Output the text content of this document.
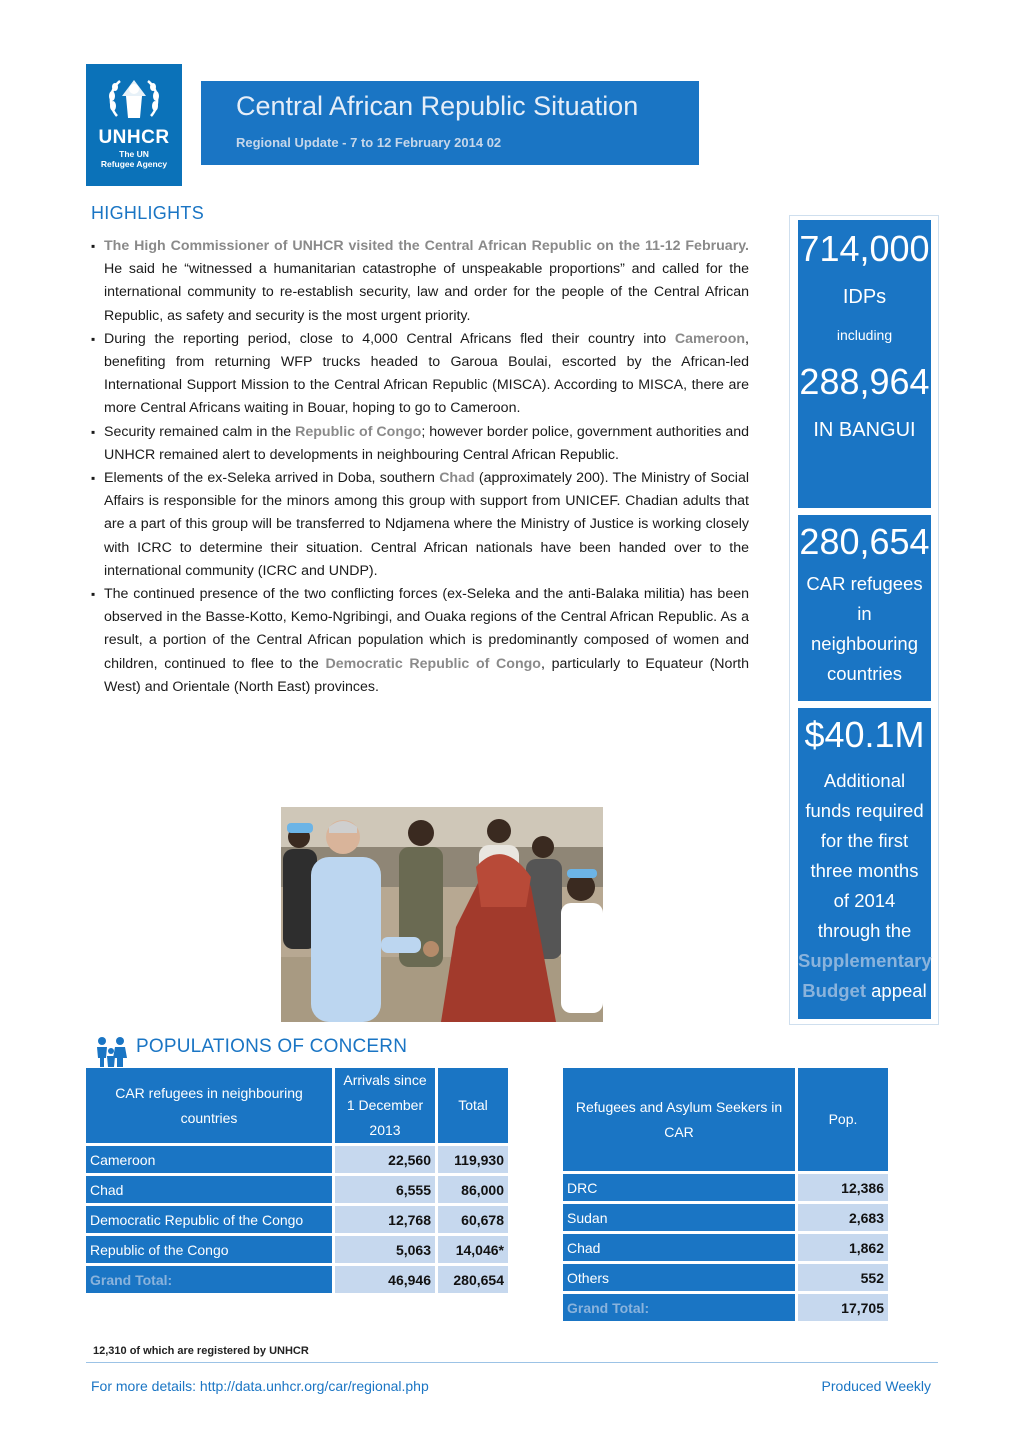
UNHCR
The UN
Refugee Agency
Central African Republic Situation
Regional Update - 7 to 12 February 2014 02
HIGHLIGHTS
▪ The High Commissioner of UNHCR visited the Central African Republic on the 11-12 February. He said he “witnessed a humanitarian catastrophe of unspeakable proportions” and called for the international community to re-establish security, law and order for the people of the Central African Republic, as safety and security is the most urgent priority.
▪ During the reporting period, close to 4,000 Central Africans fled their country into Cameroon, benefiting from returning WFP trucks headed to Garoua Boulai, escorted by the African-led International Support Mission to the Central African Republic (MISCA). According to MISCA, there are more Central Africans waiting in Bouar, hoping to go to Cameroon.
▪ Security remained calm in the Republic of Congo; however border police, government authorities and UNHCR remained alert to developments in neighbouring Central African Republic.
▪ Elements of the ex-Seleka arrived in Doba, southern Chad (approximately 200). The Ministry of Social Affairs is responsible for the minors among this group with support from UNICEF. Chadian adults that are a part of this group will be transferred to Ndjamena where the Ministry of Justice is working closely with ICRC to determine their situation. Central African nationals have been handed over to the international community (ICRC and UNDP).
▪ The continued presence of the two conflicting forces (ex-Seleka and the anti-Balaka militia) has been observed in the Basse-Kotto, Kemo-Ngribingi, and Ouaka regions of the Central African Republic. As a result, a portion of the Central African population which is predominantly composed of women and children, continued to flee to the Democratic Republic of Congo, particularly to Equateur (North West) and Orientale (North East) provinces.
714,000
IDPs
including
288,964
IN BANGUI
280,654
CAR refugees
in
neighbouring
countries
$40.1M
Additional
funds required
for the first
three months
of 2014
through the
Supplementary
Budget appeal
POPULATIONS OF CONCERN
CAR refugees in neighbouring countries	Arrivals since 1 December 2013	Total
Cameroon	22,560	119,930
Chad	6,555	86,000
Democratic Republic of the Congo	12,768	60,678
Republic of the Congo	5,063	14,046*
Grand Total:	46,946	280,654
Refugees and Asylum Seekers in CAR	Pop.
DRC	12,386
Sudan	2,683
Chad	1,862
Others	552
Grand Total:	17,705
12,310 of which are registered by UNHCR
For more details: http://data.unhcr.org/car/regional.php	Produced Weekly
